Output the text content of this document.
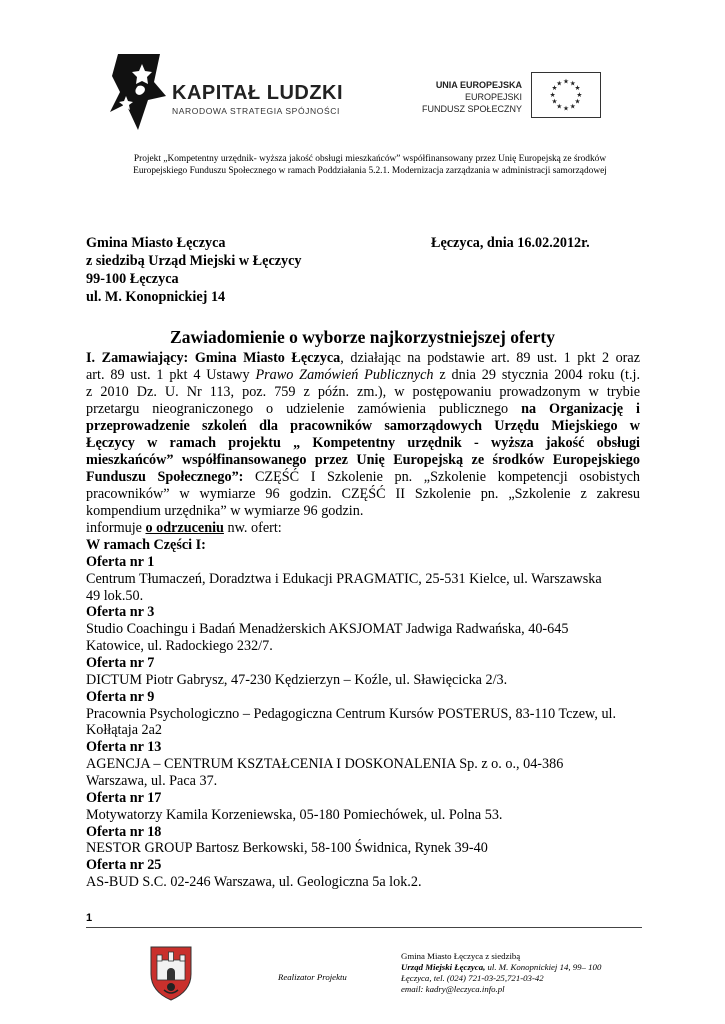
KAPITAŁ LUDZKI
NARODOWA STRATEGIA SPÓJNOŚCI
UNIA EUROPEJSKA
EUROPEJSKI
FUNDUSZ SPOŁECZNY
★ ★
★
★
★
★
★
★
★
★
★
★
Projekt „Kompetentny urzędnik- wyższa jakość obsługi mieszkańców” współfinansowany przez Unię Europejską ze środków
Europejskiego Funduszu Społecznego w ramach Poddziałania 5.2.1. Modernizacja zarządzania w administracji samorządowej
Gmina Miasto Łęczyca
z siedzibą Urząd Miejski w Łęczycy
99-100 Łęczyca
ul. M. Konopnickiej 14
Łęczyca, dnia 16.02.2012r.
Zawiadomienie o wyborze najkorzystniejszej oferty
I. Zamawiający: Gmina Miasto Łęczyca, działając na podstawie art. 89 ust. 1 pkt 2 oraz
art. 89 ust. 1 pkt 4 Ustawy Prawo Zamówień Publicznych z dnia 29 stycznia 2004 roku (t.j.
z 2010 Dz. U. Nr 113, poz. 759 z późn. zm.), w postępowaniu prowadzonym w trybie
przetargu nieograniczonego o udzielenie zamówienia publicznego na Organizację i
przeprowadzenie szkoleń dla pracowników samorządowych Urzędu Miejskiego w
Łęczycy w ramach projektu „ Kompetentny urzędnik - wyższa jakość obsługi
mieszkańców” współfinansowanego przez Unię Europejską ze środków Europejskiego
Funduszu Społecznego”: CZĘŚĆ I Szkolenie pn. „Szkolenie kompetencji osobistych
pracowników” w wymiarze 96 godzin. CZĘŚĆ II Szkolenie pn. „Szkolenie z zakresu
kompendium urzędnika” w wymiarze 96 godzin.
informuje o odrzuceniu nw. ofert:
W ramach Części I:
Oferta nr 1
Centrum Tłumaczeń, Doradztwa i Edukacji PRAGMATIC, 25-531 Kielce, ul. Warszawska
49 lok.50.
Oferta nr 3
Studio Coachingu i Badań Menadżerskich AKSJOMAT Jadwiga Radwańska, 40-645
Katowice, ul. Radockiego 232/7.
Oferta nr 7
DICTUM Piotr Gabrysz, 47-230 Kędzierzyn – Koźle, ul. Sławięcicka 2/3.
Oferta nr 9
Pracownia Psychologiczno – Pedagogiczna Centrum Kursów POSTERUS, 83-110 Tczew, ul.
Kołłątaja 2a2
Oferta nr 13
AGENCJA – CENTRUM KSZTAŁCENIA I DOSKONALENIA Sp. z o. o., 04-386
Warszawa, ul. Paca 37.
Oferta nr 17
Motywatorzy Kamila Korzeniewska, 05-180 Pomiechówek, ul. Polna 53.
Oferta nr 18
NESTOR GROUP Bartosz Berkowski, 58-100 Świdnica, Rynek 39-40
Oferta nr 25
AS-BUD S.C. 02-246 Warszawa, ul. Geologiczna 5a lok.2.
1
Realizator Projektu
Gmina Miasto Łęczyca z siedzibą
Urząd Miejski Łęczyca, ul. M. Konopnickiej 14, 99– 100
Łęczyca, tel. (024) 721-03-25,721-03-42
email: kadry@leczyca.info.pl
